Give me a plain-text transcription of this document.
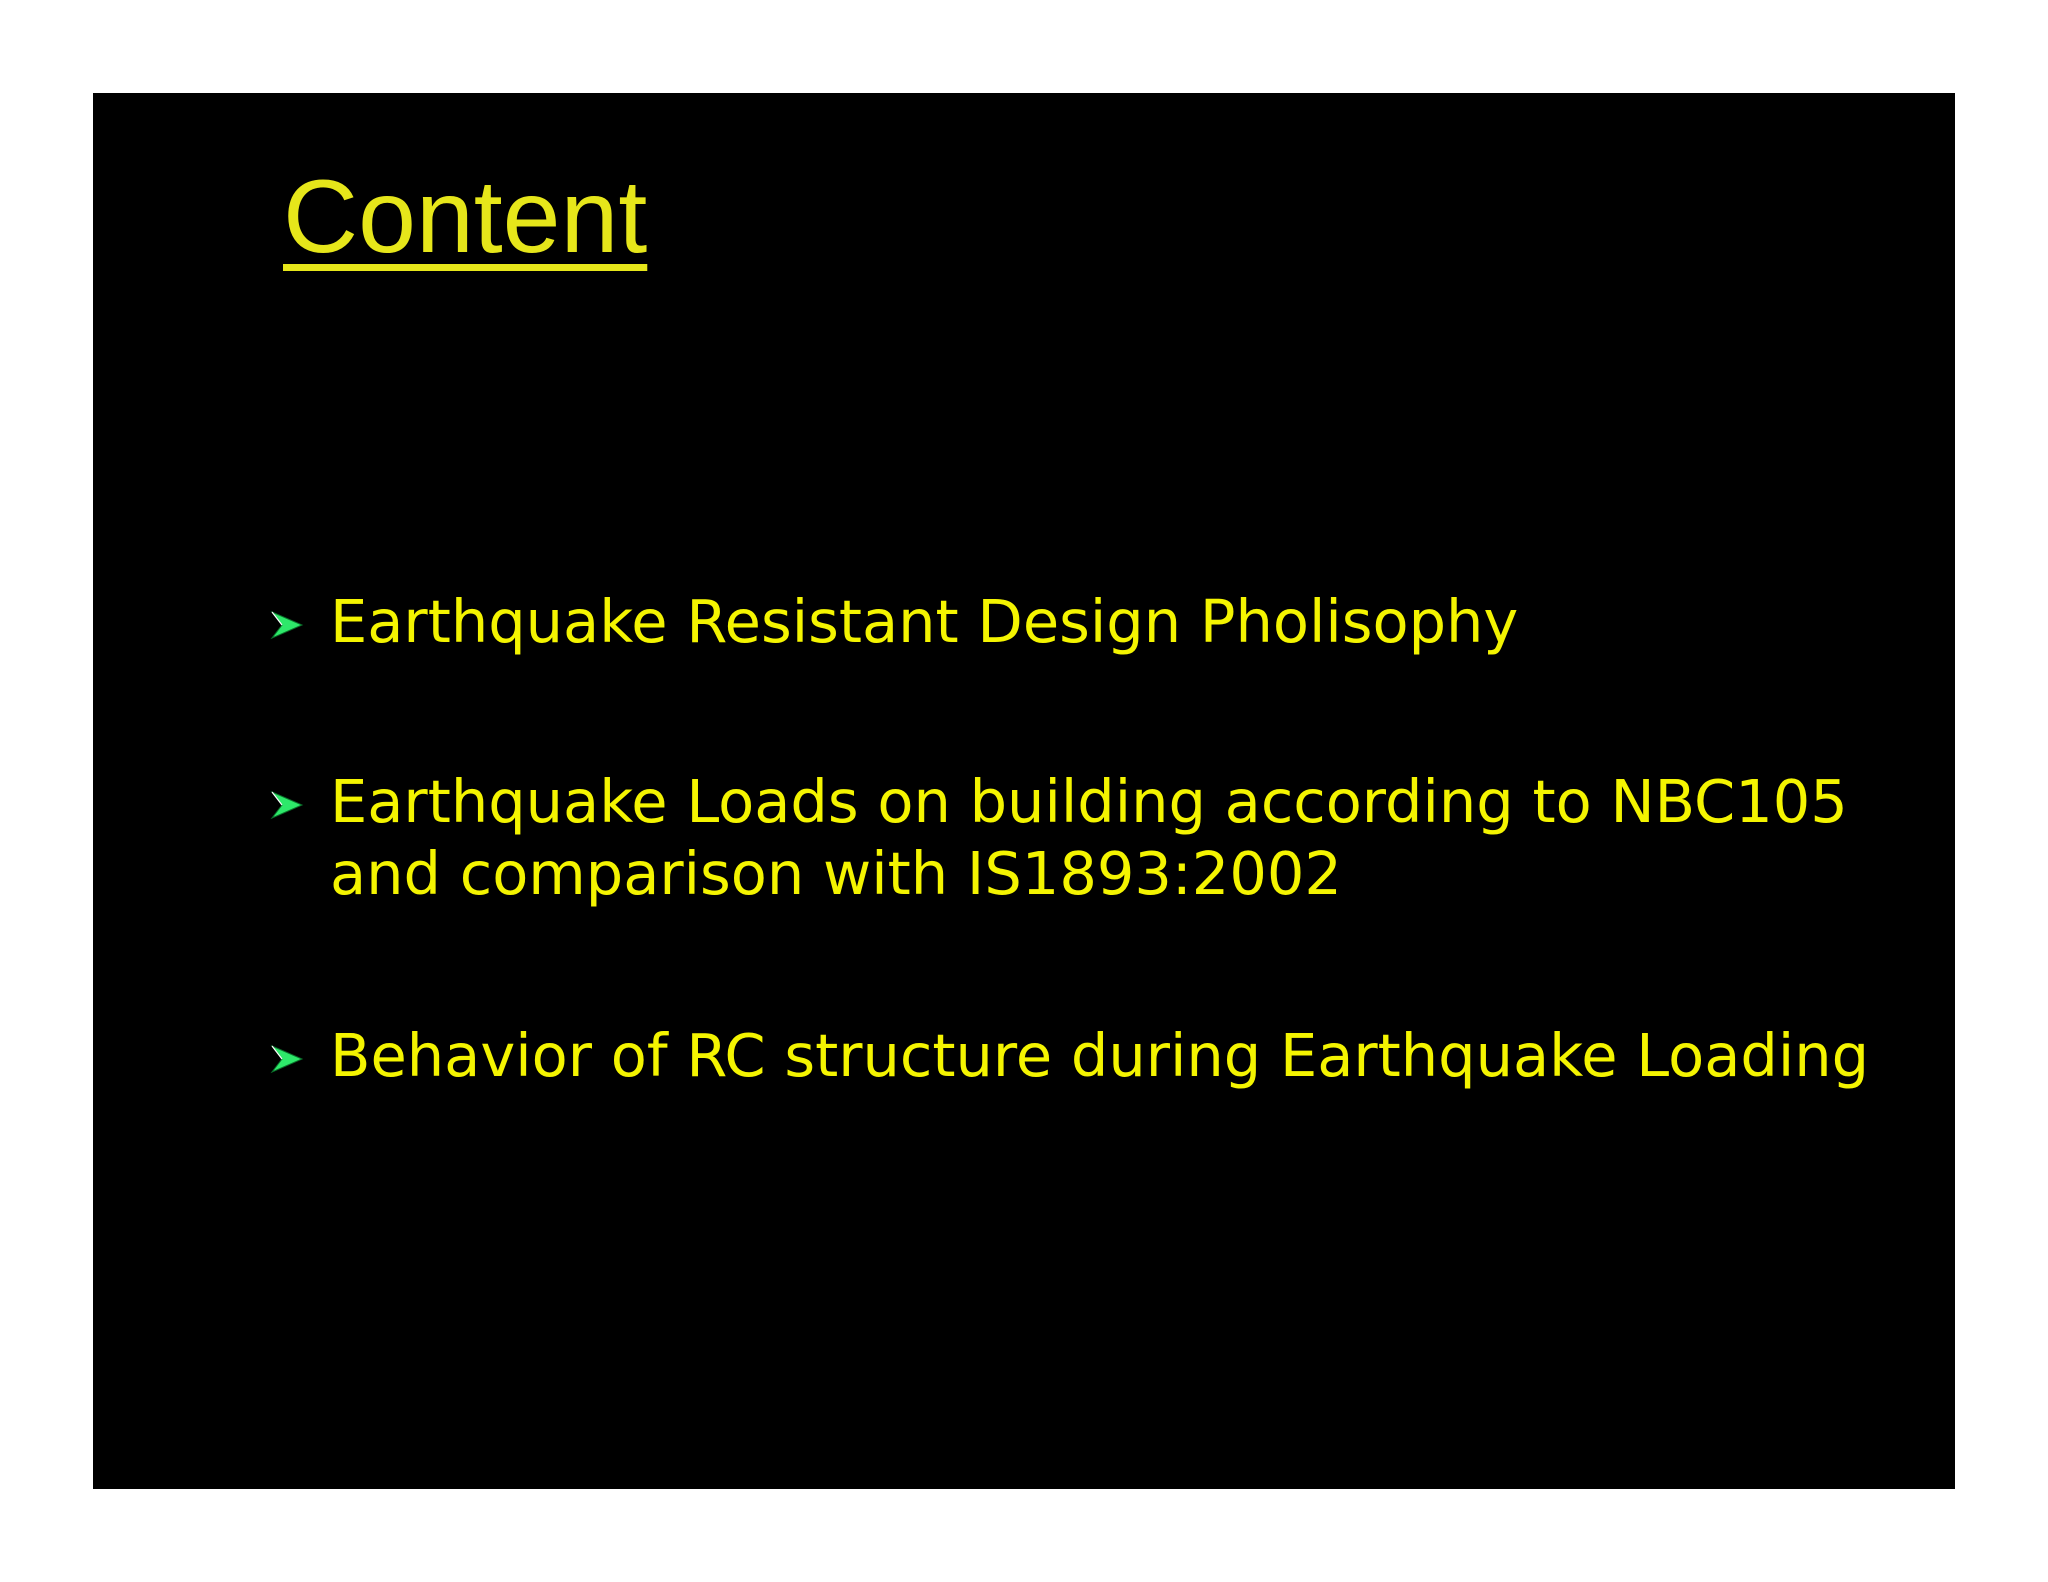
Content

Earthquake Resistant Design Pholisophy

Earthquake Loads on building according to NBC105
and comparison with IS1893:2002

Behavior of RC structure during Earthquake Loading
